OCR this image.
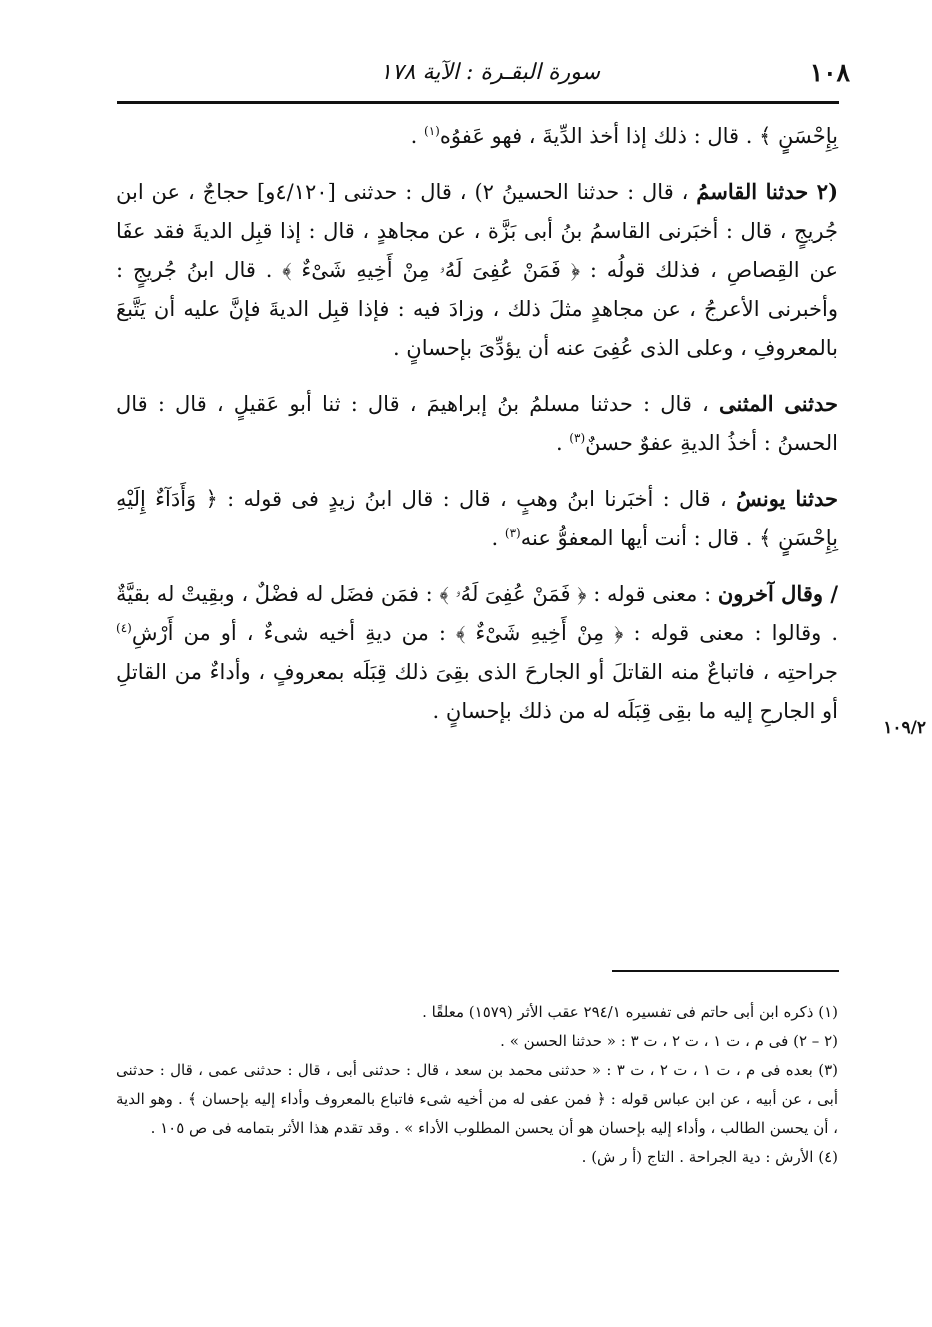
١٠٨
سورة البقـرة : الآية ١٧٨

بِإِحْسَنٍٍ ﴾ . قال : ذلك إذا أخذ الدِّيةَ ، فهو عَفوُه$^{(١)}$ .

(٢ حدثنا القاسمُ ، قال : حدثنا الحسينُ ٢) ، قال : حدثنى [٤/١٢٠و] حجاجٌ ، عن ابن جُريجٍ ، قال : أخبَرنى القاسمُ بنُ أبى بَزَّة ، عن مجاهدٍ ، قال : إذا قبِل الديةَ فقد عفَا عن القِصاصِ ، فذلك قولُه : ﴿ فَمَنْ عُفِىَ لَهُۥ مِنْ أَخِيهِ شَىْءٌ ﴾ . قال ابنُ جُريجٍ : وأخبرنى الأعرجُ ، عن مجاهدٍ مثلَ ذلك ، وزادَ فيه : فإذا قبِل الديةَ فإنَّ عليه أن يَتَّبعَ بالمعروفِ ، وعلى الذى عُفِىَ عنه أن يؤدِّىَ بإحسانٍ .

حدثنى المثنى ، قال : حدثنا مسلمُ بنُ إبراهيمَ ، قال : ثنا أبو عَقيلٍ ، قال : قال الحسنُ : أخذُ الديةِ عفوٌ حسنٌ$^{(٣)}$ .

حدثنا يونسُ ، قال : أخبَرنا ابنُ وهبٍ ، قال : قال ابنُ زيدٍ فى قوله : ﴿ وَأَدَآءٌ إِلَيْهِ بِإِحْسَنٍٍ ﴾ . قال : أنت أيها المعفوُّ عنه$^{(٣)}$ .

/ وقال آخرون : معنى قوله : ﴿ فَمَنْ عُفِىَ لَهُۥ ﴾ : فمَن فضَل له فضْلٌ ، وبقِيتْ له بقيَّةٌ . وقالوا : معنى قوله : ﴿ مِنْ أَخِيهِ شَىْءٌ ﴾ : من ديةِ أخيه شىءٌ ، أو من أَرْشِ$^{(٤)}$ جراحتِه ، فاتباعٌ منه القاتلَ أو الجارحَ الذى بقِىَ ذلك قِبَلَه بمعروفٍ ، وأداءٌ من القاتلِ أو الجارحِ إليه ما بقِى قِبَلَه له من ذلك بإحسانٍ .

١٠٩/٢

(١) ذكره ابن أبى حاتم فى تفسيره ٢٩٤/١ عقب الأثر (١٥٧٩) معلقًا .

(٢ – ٢) فى م ، ت ١ ، ت ٢ ، ت ٣ : « حدثنا الحسن » .

(٣) بعده فى م ، ت ١ ، ت ٢ ، ت ٣ : « حدثنى محمد بن سعد ، قال : حدثنى أبى ، قال : حدثنى عمى ، قال : حدثنى أبى ، عن أبيه ، عن ابن عباس قوله : ﴿ فمن عفى له من أخيه شىء فاتباع بالمعروف وأداء إليه بإحسان ﴾ . وهو الدية ، أن يحسن الطالب ، وأداء إليه بإحسان هو أن يحسن المطلوب الأداء » . وقد تقدم هذا الأثر بتمامه فى ص ١٠٥ .

(٤) الأرش : دية الجراحة . التاج (أ ر ش) .
